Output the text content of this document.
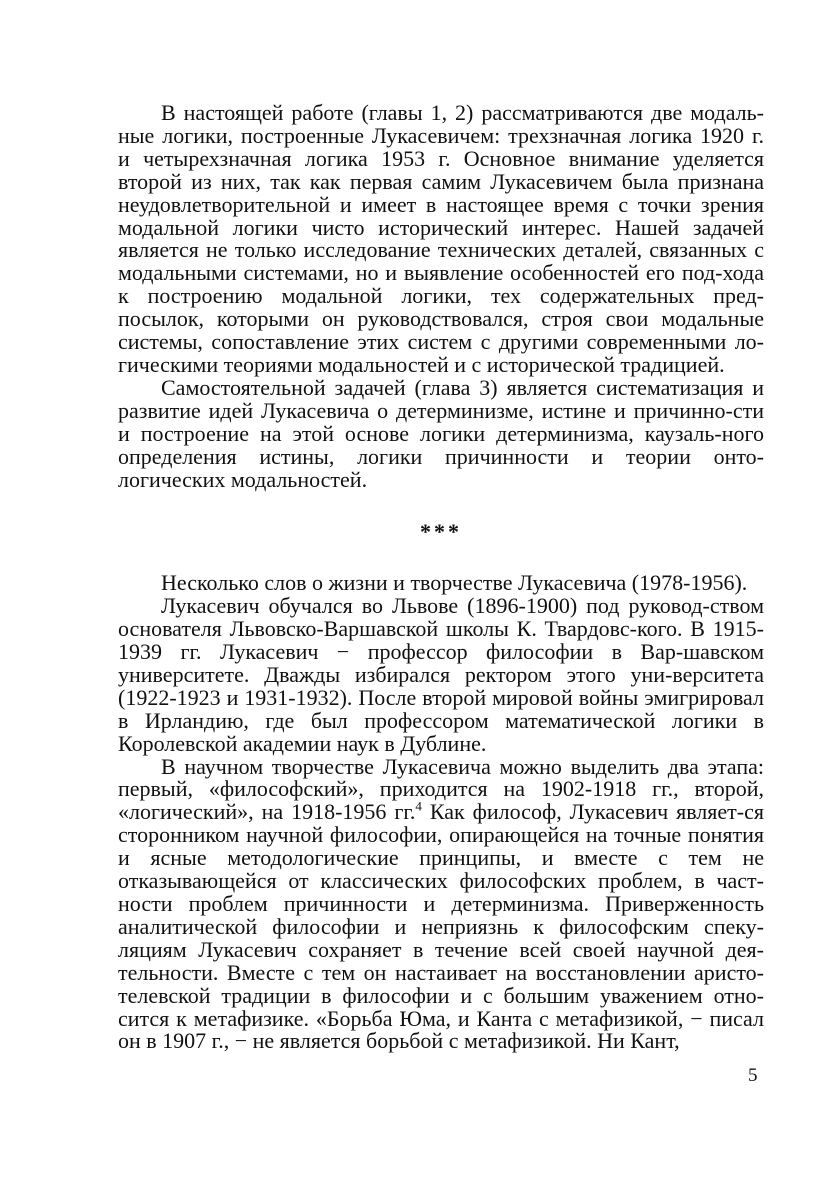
В настоящей работе (главы 1, 2) рассматриваются две модаль-ные логики, построенные Лукасевичем: трехзначная логика 1920 г. и четырехзначная логика 1953 г. Основное внимание уделяется второй из них, так как первая самим Лукасевичем была признана неудовлетворительной и имеет в настоящее время с точки зрения модальной логики чисто исторический интерес. Нашей задачей является не только исследование технических деталей, связанных с модальными системами, но и выявление особенностей его под-хода к построению модальной логики, тех содержательных пред-посылок, которыми он руководствовался, строя свои модальные системы, сопоставление этих систем с другими современными ло-гическими теориями модальностей и с исторической традицией.

Самостоятельной задачей (глава 3) является систематизация и развитие идей Лукасевича о детерминизме, истине и причинно-сти и построение на этой основе логики детерминизма, каузаль-ного определения истины, логики причинности и теории онто-логических модальностей.

***

Несколько слов о жизни и творчестве Лукасевича (1978-1956).

Лукасевич обучался во Львове (1896-1900) под руковод-ством основателя Львовско-Варшавской школы К. Твардовс-кого. В 1915-1939 гг. Лукасевич − профессор философии в Вар-шавском университете. Дважды избирался ректором этого уни-верситета (1922-1923 и 1931-1932). После второй мировой войны эмигрировал в Ирландию, где был профессором математической логики в Королевской академии наук в Дублине.

В научном творчестве Лукасевича можно выделить два этапа: первый, «философский», приходится на 1902-1918 гг., второй, «логический», на 1918-1956 гг.$^4$ Как философ, Лукасевич являет-ся сторонником научной философии, опирающейся на точные понятия и ясные методологические принципы, и вместе с тем не отказывающейся от классических философских проблем, в част-ности проблем причинности и детерминизма. Приверженность аналитической философии и неприязнь к философским спеку-ляциям Лукасевич сохраняет в течение всей своей научной дея-тельности. Вместе с тем он настаивает на восстановлении аристо-телевской традиции в философии и с большим уважением отно-сится к метафизике. «Борьба Юма, и Канта с метафизикой, − писал он в 1907 г., − не является борьбой с метафизикой. Ни Кант,

5
